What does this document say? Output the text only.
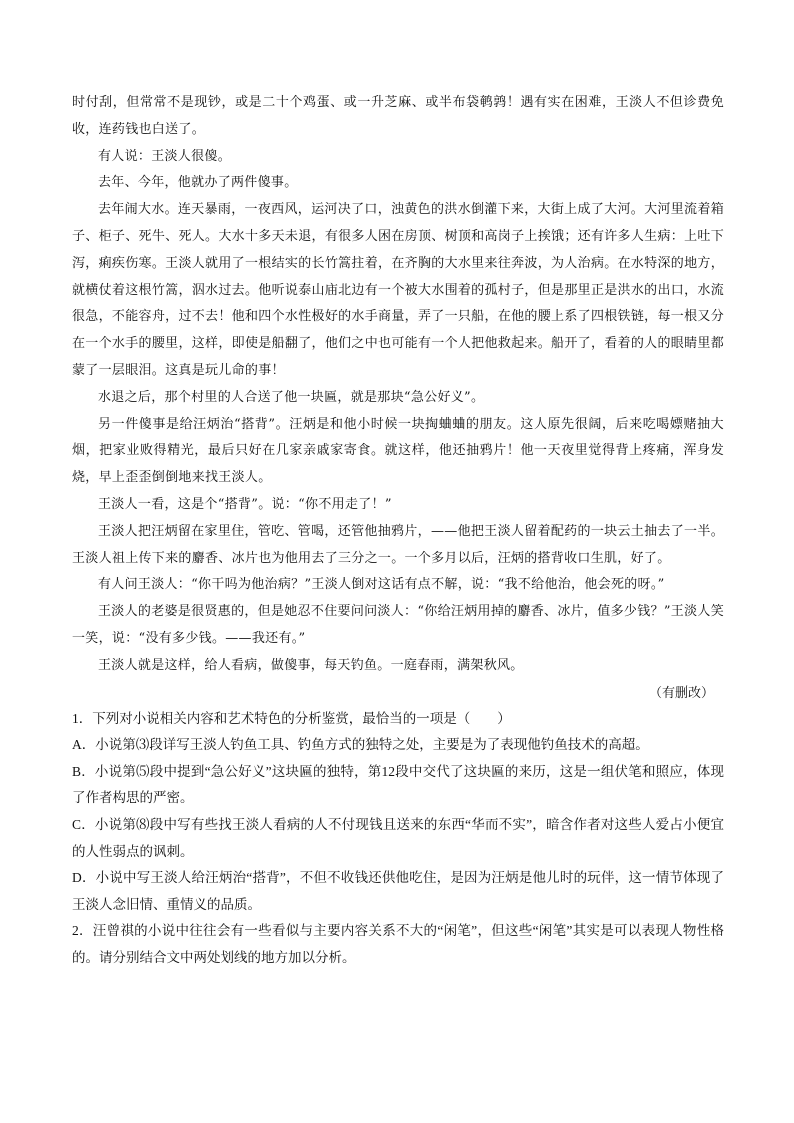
时付刮，但常常不是现钞，或是二十个鸡蛋、或一升芝麻、或半布袋鹌鹑！遇有实在困难，王淡人不但诊费免收，连药钱也白送了。

有人说：王淡人很傻。

去年、今年，他就办了两件傻事。

去年闹大水。连天暴雨，一夜西风，运河决了口，浊黄色的洪水倒灌下来，大街上成了大河。大河里流着箱子、柜子、死牛、死人。大水十多天未退，有很多人困在房顶、树顶和高岗子上挨饿；还有许多人生病：上吐下泻，痢疾伤寒。王淡人就用了一根结实的长竹篙拄着，在齐胸的大水里来往奔波，为人治病。在水特深的地方，就横仗着这根竹篙，泅水过去。他听说泰山庙北边有一个被大水围着的孤村子，但是那里正是洪水的出口，水流很急，不能容舟，过不去！他和四个水性极好的水手商量，弄了一只船，在他的腰上系了四根铁链，每一根又分在一个水手的腰里，这样，即使是船翻了，他们之中也可能有一个人把他救起来。船开了，看着的人的眼睛里都蒙了一层眼泪。这真是玩儿命的事！

水退之后，那个村里的人合送了他一块匾，就是那块“急公好义”。

另一件傻事是给汪炳治“搭背”。汪炳是和他小时候一块掏蛐蛐的朋友。这人原先很阔，后来吃喝嫖赌抽大烟，把家业败得精光，最后只好在几家亲戚家寄食。就这样，他还抽鸦片！他一天夜里觉得背上疼痛，浑身发烧，早上歪歪倒倒地来找王淡人。

王淡人一看，这是个“搭背”。说：“你不用走了！”

王淡人把汪炳留在家里住，管吃、管喝，还管他抽鸦片，——他把王淡人留着配药的一块云土抽去了一半。王淡人祖上传下来的麝香、冰片也为他用去了三分之一。一个多月以后，汪炳的搭背收口生肌，好了。

有人问王淡人：“你干吗为他治病？”王淡人倒对这话有点不解，说：“我不给他治，他会死的呀。”

王淡人的老婆是很贤惠的，但是她忍不住要问问淡人：“你给汪炳用掉的麝香、冰片，值多少钱？”王淡人笑一笑，说：“没有多少钱。——我还有。”

王淡人就是这样，给人看病，做傻事，每天钓鱼。一庭春雨，满架秋风。

（有删改）

1．下列对小说相关内容和艺术特色的分析鉴赏，最恰当的一项是（　　）

A．小说第⑶段详写王淡人钓鱼工具、钓鱼方式的独特之处，主要是为了表现他钓鱼技术的高超。

B．小说第⑸段中提到“急公好义”这块匾的独特，第12段中交代了这块匾的来历，这是一组伏笔和照应，体现了作者构思的严密。

C．小说第⑻段中写有些找王淡人看病的人不付现钱且送来的东西“华而不实”，暗含作者对这些人爱占小便宜的人性弱点的讽刺。

D．小说中写王淡人给汪炳治“搭背”，不但不收钱还供他吃住，是因为汪炳是他儿时的玩伴，这一情节体现了王淡人念旧情、重情义的品质。

2．汪曾祺的小说中往往会有一些看似与主要内容关系不大的“闲笔”，但这些“闲笔”其实是可以表现人物性格的。请分别结合文中两处划线的地方加以分析。
